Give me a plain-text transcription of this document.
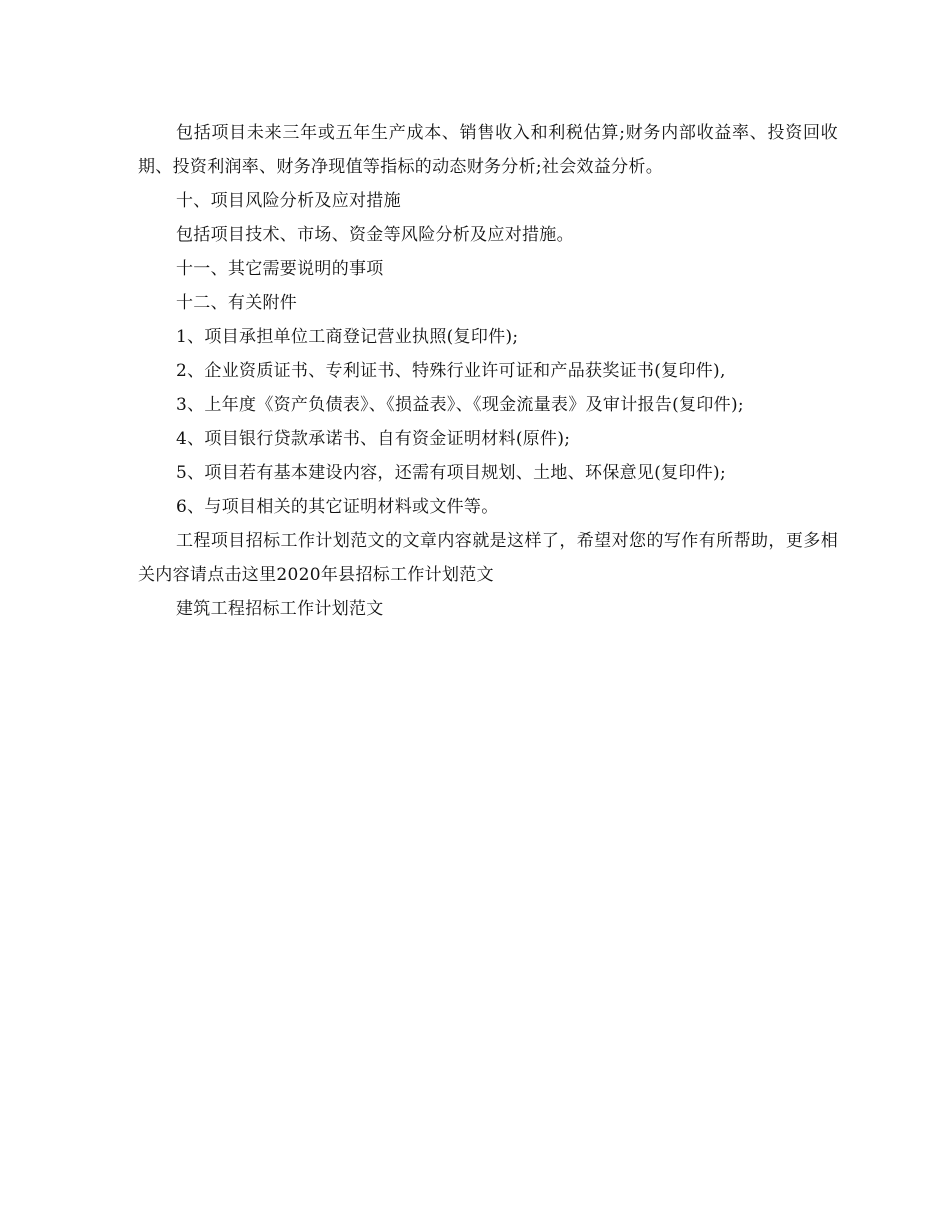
包括项目未来三年或五年生产成本、销售收入和利税估算;财务内部收益率、投资回收期、投资利润率、财务净现值等指标的动态财务分析;社会效益分析。

十、项目风险分析及应对措施

包括项目技术、市场、资金等风险分析及应对措施。

十一、其它需要说明的事项

十二、有关附件

1、项目承担单位工商登记营业执照(复印件);

2、企业资质证书、专利证书、特殊行业许可证和产品获奖证书(复印件),

3、上年度《资产负债表》、《损益表》、《现金流量表》及审计报告(复印件);

4、项目银行贷款承诺书、自有资金证明材料(原件);

5、项目若有基本建设内容，还需有项目规划、土地、环保意见(复印件);

6、与项目相关的其它证明材料或文件等。

工程项目招标工作计划范文的文章内容就是这样了，希望对您的写作有所帮助，更多相关内容请点击这里2020年县招标工作计划范文

建筑工程招标工作计划范文
